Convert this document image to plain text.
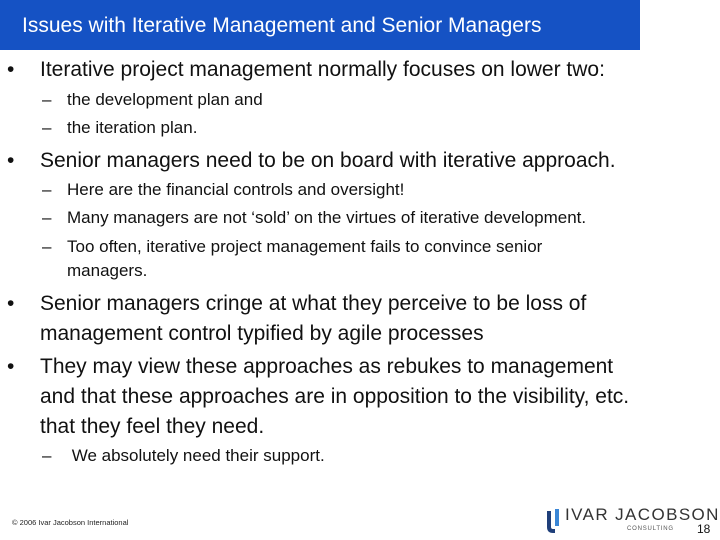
Issues with Iterative Management and Senior Managers
• Iterative project management normally focuses on lower two:
– the development plan and
– the iteration plan.
• Senior managers need to be on board with iterative approach.
– Here are the financial controls and oversight!
– Many managers are not ‘sold’ on the virtues of iterative development.
– Too often, iterative project management fails to convince senior
managers.
• Senior managers cringe at what they perceive to be loss of
management control typified by agile processes
• They may view these approaches as rebukes to management
and that these approaches are in opposition to the visibility, etc.
that they feel they need.
– We absolutely need their support.
© 2006 Ivar Jacobson International	IVAR JACOBSON
CONSULTING 18
